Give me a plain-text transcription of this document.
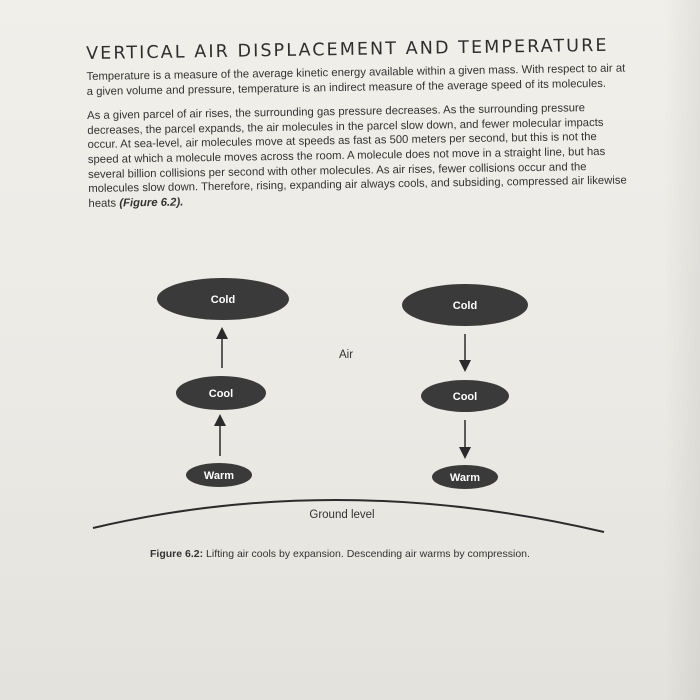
VERTICAL AIR DISPLACEMENT AND TEMPERATURE

Temperature is a measure of the average kinetic energy available within a given mass. With respect to air at a given volume and pressure, temperature is an indirect measure of the average speed of its molecules.

As a given parcel of air rises, the surrounding gas pressure decreases. As the surrounding pressure decreases, the parcel expands, the air molecules in the parcel slow down, and fewer molecular impacts occur. At sea-level, air molecules move at speeds as fast as 500 meters per second, but this is not the speed at which a molecule moves across the room. A molecule does not move in a straight line, but has several billion collisions per second with other molecules. As air rises, fewer collisions occur and the molecules slow down. Therefore, rising, expanding air always cools, and subsiding, compressed air likewise heats (Figure 6.2).

Cold
Cool
Warm
Cold
Cool
Warm
Air
Ground level
Figure 6.2: Lifting air cools by expansion. Descending air warms by compression.
